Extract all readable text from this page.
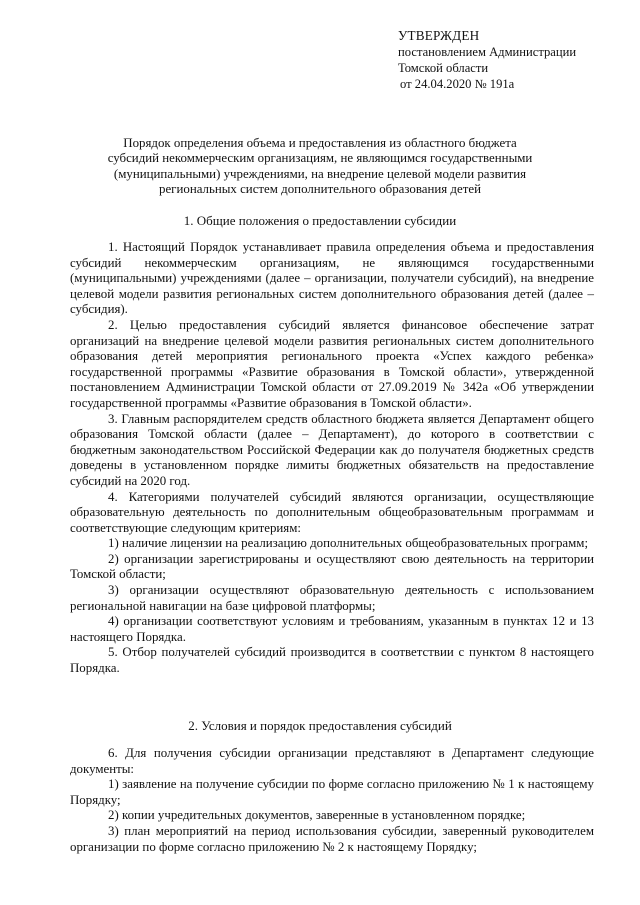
УТВЕРЖДЕН
постановлением Администрации
Томской области
от 24.04.2020 № 191а
Порядок определения объема и предоставления из областного бюджета
субсидий некоммерческим организациям, не являющимся государственными
(муниципальными) учреждениями, на внедрение целевой модели развития
региональных систем дополнительного образования детей
1. Общие положения о предоставлении субсидии

1. Настоящий Порядок устанавливает правила определения объема и предоставления субсидий некоммерческим организациям, не являющимся государственными (муниципальными) учреждениями (далее – организации, получатели субсидий), на внедрение целевой модели развития региональных систем дополнительного образования детей (далее – субсидия).

2. Целью предоставления субсидий является финансовое обеспечение затрат организаций на внедрение целевой модели развития региональных систем дополнительного образования детей мероприятия регионального проекта «Успех каждого ребенка» государственной программы «Развитие образования в Томской области», утвержденной постановлением Администрации Томской области от 27.09.2019 № 342а «Об утверждении государственной программы «Развитие образования в Томской области».

3. Главным распорядителем средств областного бюджета является Департамент общего образования Томской области (далее – Департамент), до которого в соответствии с бюджетным законодательством Российской Федерации как до получателя бюджетных средств доведены в установленном порядке лимиты бюджетных обязательств на предоставление субсидий на 2020 год.

4. Категориями получателей субсидий являются организации, осуществляющие образовательную деятельность по дополнительным общеобразовательным программам и соответствующие следующим критериям:

1) наличие лицензии на реализацию дополнительных общеобразовательных программ;

2) организации зарегистрированы и осуществляют свою деятельность на территории Томской области;

3) организации осуществляют образовательную деятельность с использованием региональной навигации на базе цифровой платформы;

4) организации соответствуют условиям и требованиям, указанным в пунктах 12 и 13 настоящего Порядка.

5. Отбор получателей субсидий производится в соответствии с пунктом 8 настоящего Порядка.

2. Условия и порядок предоставления субсидий

6. Для получения субсидии организации представляют в Департамент следующие документы:

1) заявление на получение субсидии по форме согласно приложению № 1 к настоящему Порядку;

2) копии учредительных документов, заверенные в установленном порядке;

3) план мероприятий на период использования субсидии, заверенный руководителем организации по форме согласно приложению № 2 к настоящему Порядку;
